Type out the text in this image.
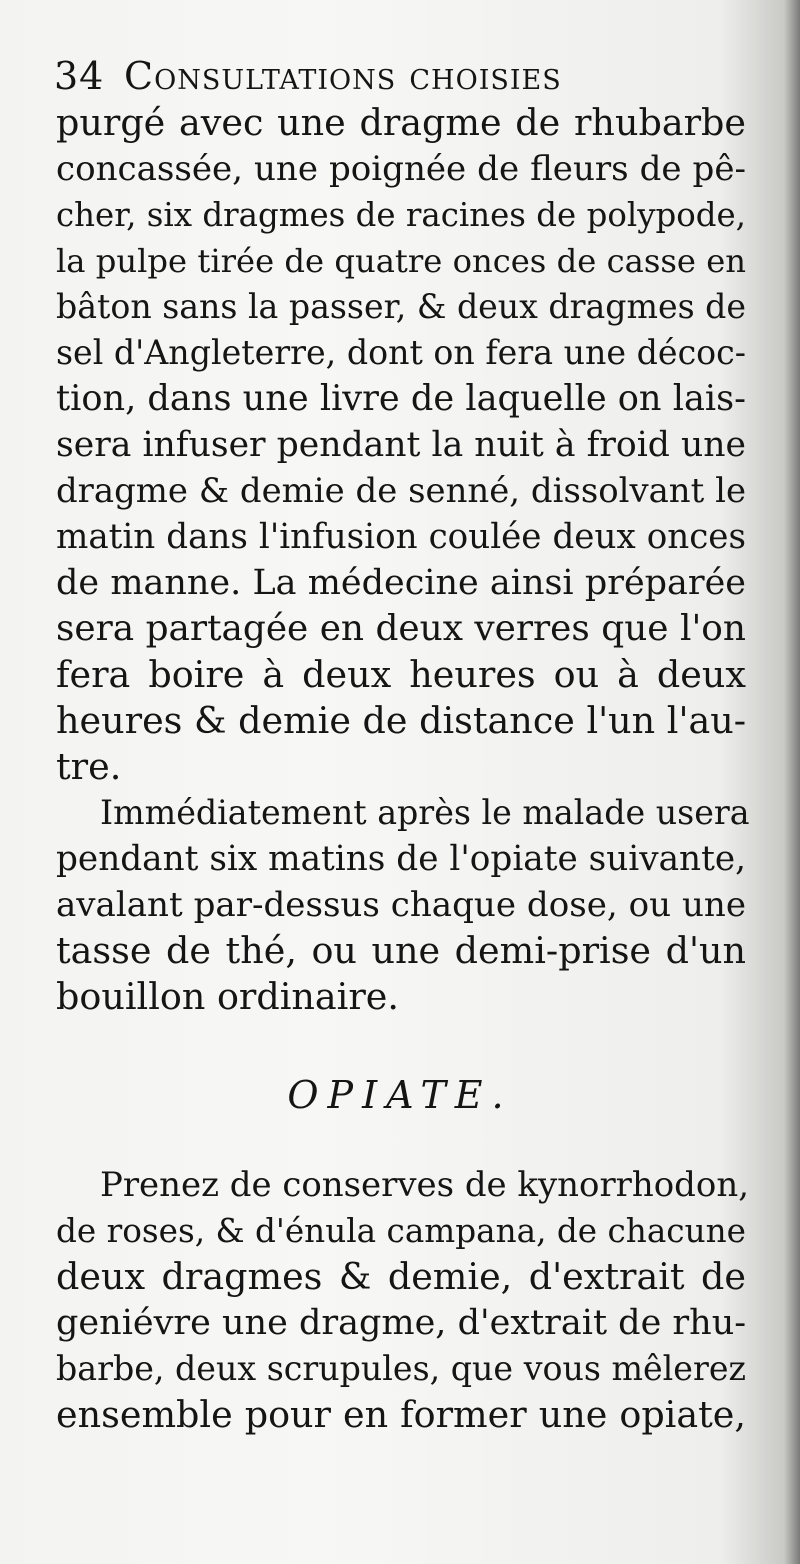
34 Consultations choisies
purgé avec une dragme de rhubarbe
concassée, une poignée de fleurs de pê-
cher, six dragmes de racines de polypode,
la pulpe tirée de quatre onces de casse en
bâton sans la passer, & deux dragmes de
sel d'Angleterre, dont on fera une décoc-
tion, dans une livre de laquelle on lais-
sera infuser pendant la nuit à froid une
dragme & demie de senné, dissolvant le
matin dans l'infusion coulée deux onces
de manne. La médecine ainsi préparée
sera partagée en deux verres que l'on
fera boire à deux heures ou à deux
heures & demie de distance l'un l'au-
tre.
Immédiatement après le malade usera
pendant six matins de l'opiate suivante,
avalant par-dessus chaque dose, ou une
tasse de thé, ou une demi-prise d'un
bouillon ordinaire.
OPIATE.
Prenez de conserves de kynorrhodon,
de roses, & d'énula campana, de chacune
deux dragmes & demie, d'extrait de
geniévre une dragme, d'extrait de rhu-
barbe, deux scrupules, que vous mêlerez
ensemble pour en former une opiate,
